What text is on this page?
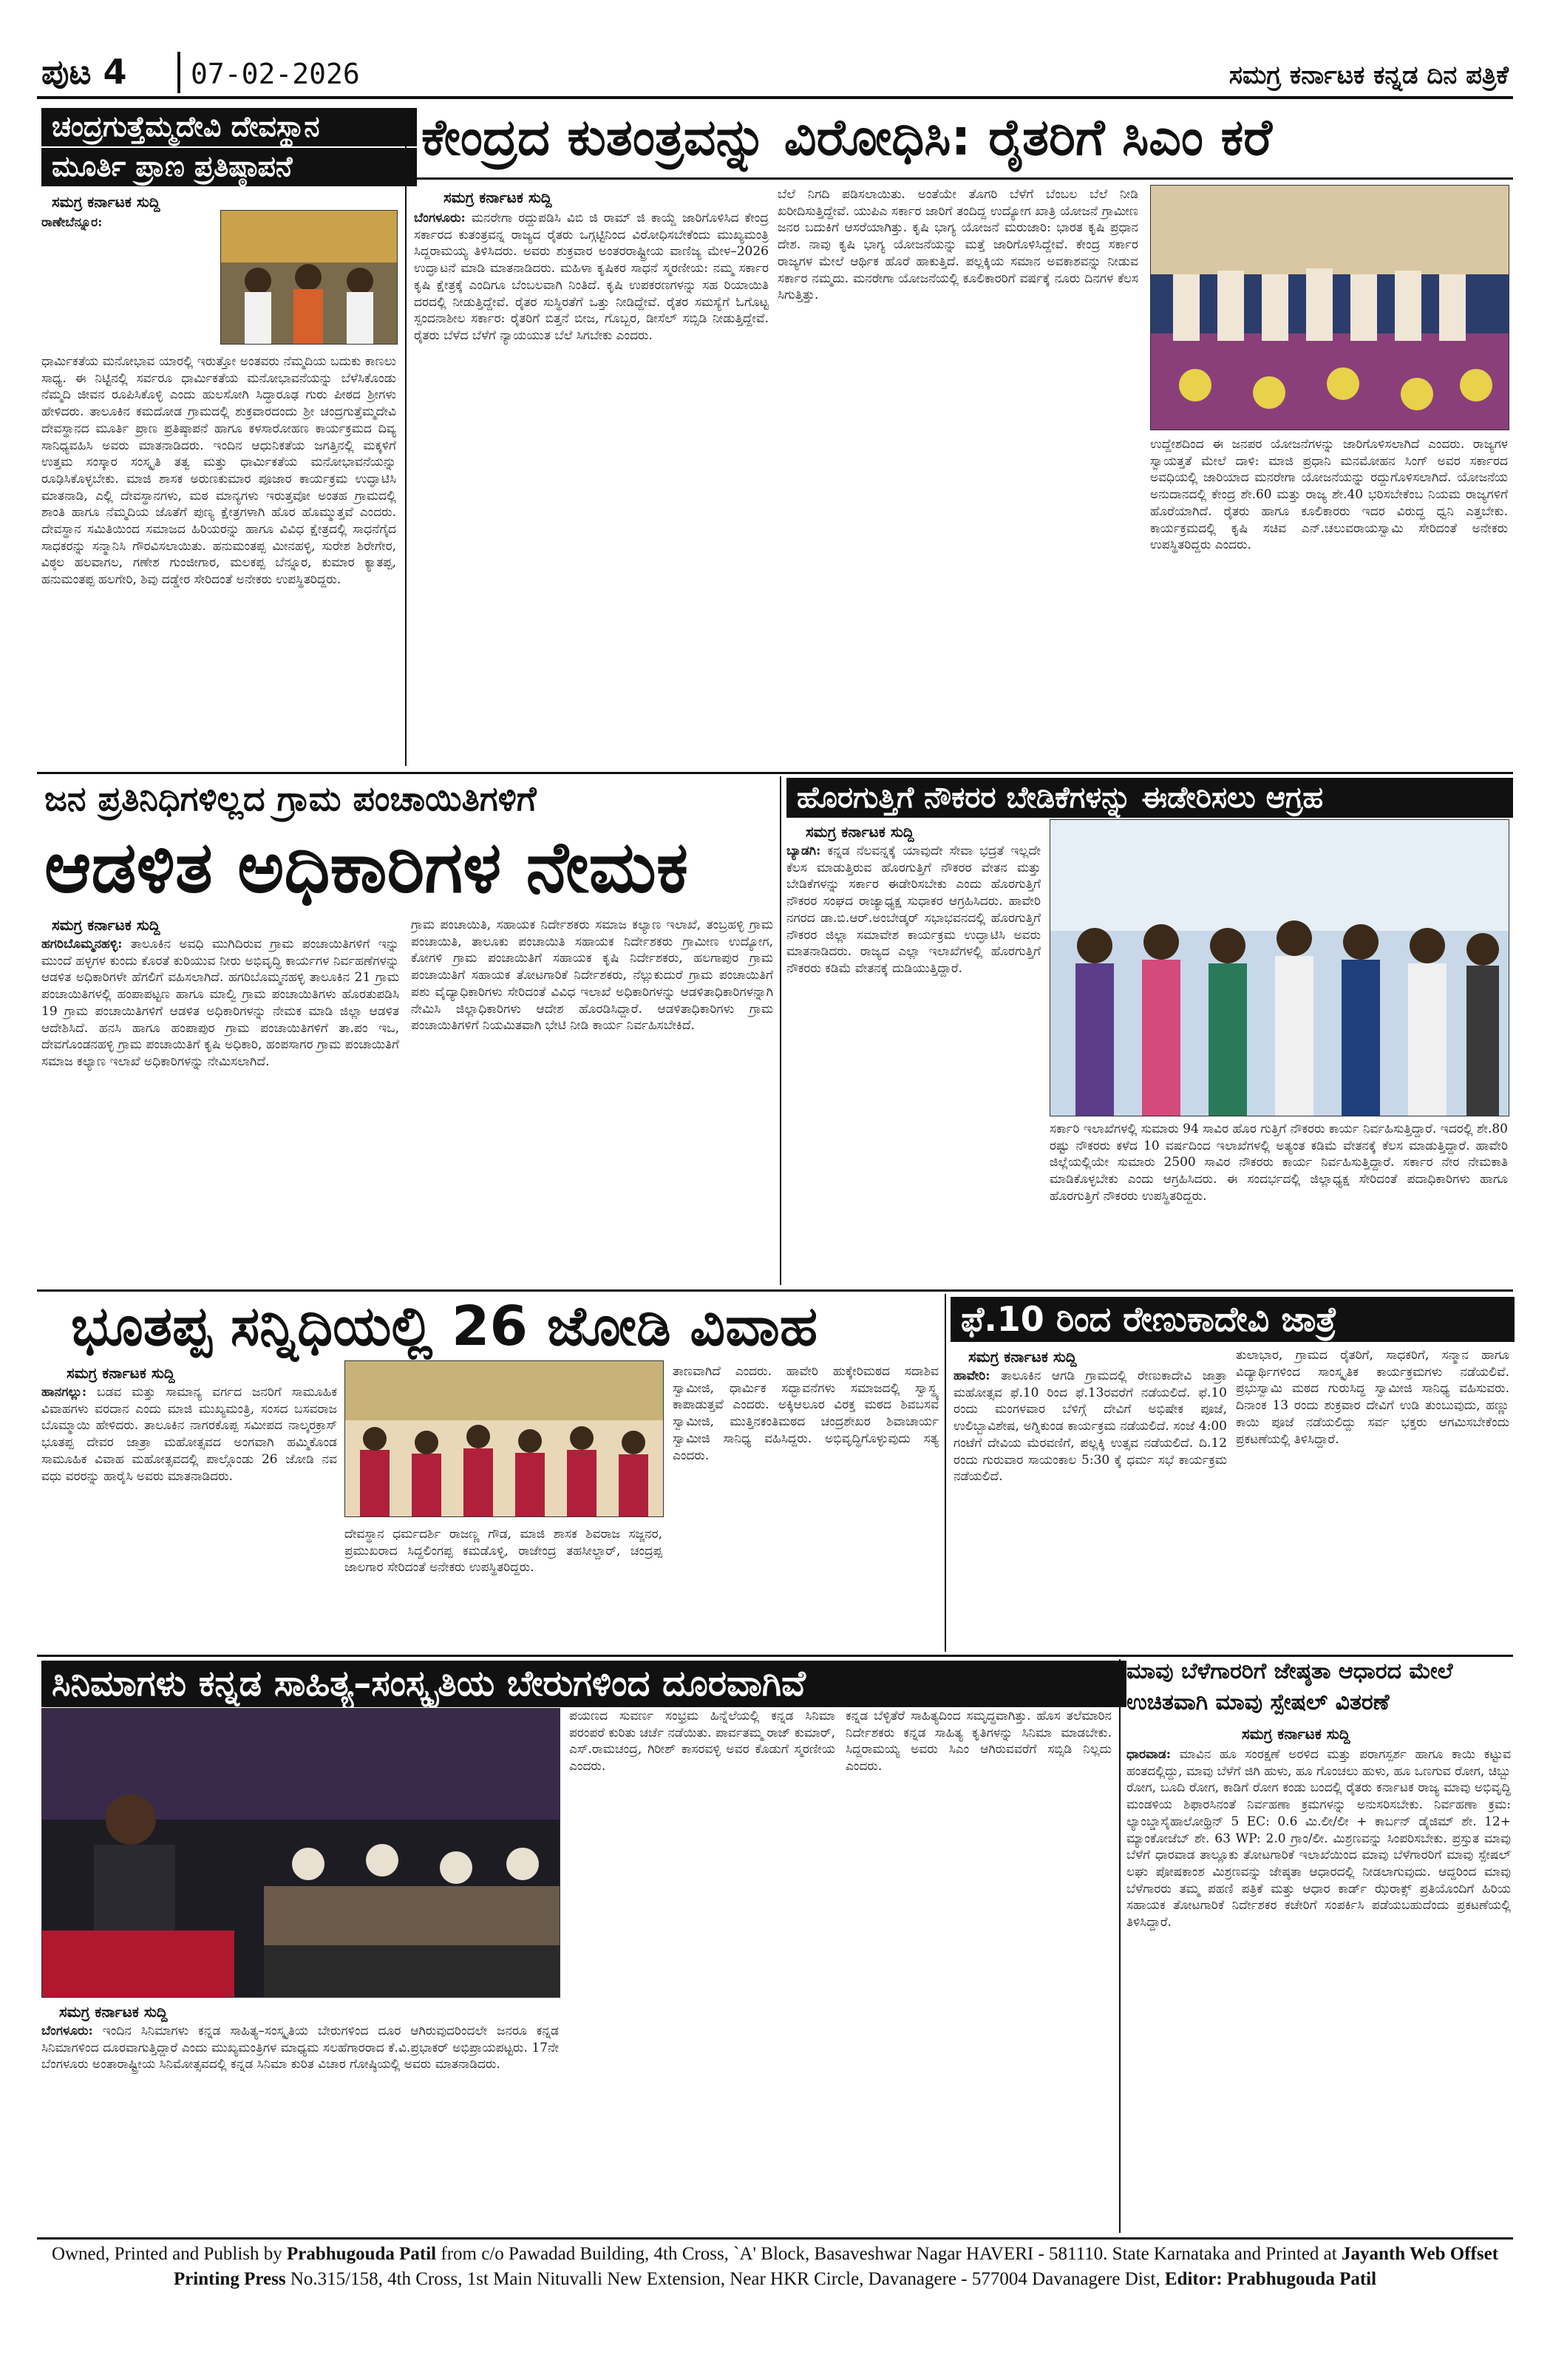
ಪುಟ 4 07-02-2026	ಸಮಗ್ರ ಕರ್ನಾಟಕ ಕನ್ನಡ ದಿನ ಪತ್ರಿಕೆ
ಚಂದ್ರಗುತ್ತೆಮ್ಮದೇವಿ ದೇವಸ್ಥಾನ
ಮೂರ್ತಿ ಪ್ರಾಣ ಪ್ರತಿಷ್ಠಾಪನೆ
ಸಮಗ್ರ ಕರ್ನಾಟಕ ಸುದ್ದಿ
ರಾಣೇಬೆನ್ನೂರ:
ಧಾರ್ಮಿಕತೆಯ ಮನೋಭಾವ ಯಾರಲ್ಲಿ ಇರುತ್ತೋ ಅಂತವರು ನೆಮ್ಮದಿಯ ಬದುಕು ಕಾಣಲು ಸಾಧ್ಯ. ಈ ನಿಟ್ಟಿನಲ್ಲಿ ಸರ್ವರೂ ಧಾರ್ಮಿಕತೆಯ ಮನೋಭಾವನೆಯನ್ನು ಬೆಳೆಸಿಕೊಂಡು ನೆಮ್ಮದಿ ಜೀವನ ರೂಪಿಸಿಕೊಳ್ಳಿ ಎಂದು ಹುಲಸೋಗಿ ಸಿದ್ಧಾರೂಢ ಗುರು ಪೀಠದ ಶ್ರೀಗಳು ಹೇಳಿದರು. ತಾಲೂಕಿನ ಕಮದೋಡ ಗ್ರಾಮದಲ್ಲಿ ಶುಕ್ರವಾರದಂದು ಶ್ರೀ ಚಂದ್ರಗುತ್ತೆಮ್ಮದೇವಿ ದೇವಸ್ಥಾನದ ಮೂರ್ತಿ ಪ್ರಾಣ ಪ್ರತಿಷ್ಠಾಪನೆ ಹಾಗೂ ಕಳಸಾರೋಹಣ ಕಾರ್ಯಕ್ರಮದ ದಿವ್ಯ ಸಾನಿಧ್ಯವಹಿಸಿ ಅವರು ಮಾತನಾಡಿದರು. ಇಂದಿನ ಆಧುನಿಕತೆಯ ಜಗತ್ತಿನಲ್ಲಿ ಮಕ್ಕಳಿಗೆ ಉತ್ತಮ ಸಂಸ್ಕಾರ ಸಂಸ್ಕೃತಿ ತತ್ವ ಮತ್ತು ಧಾರ್ಮಿಕತೆಯ ಮನೋಭಾವನೆಯನ್ನು ರೂಢಿಸಿಕೊಳ್ಳಬೇಕು. ಮಾಜಿ ಶಾಸಕ ಅರುಣಕುಮಾರ ಪೂಜಾರ ಕಾರ್ಯಕ್ರಮ ಉದ್ಘಾಟಿಸಿ ಮಾತನಾಡಿ, ಎಲ್ಲಿ ದೇವಸ್ಥಾನಗಳು, ಮಠ ಮಾನ್ಯಗಳು ಇರುತ್ತವೋ ಅಂತಹ ಗ್ರಾಮದಲ್ಲಿ ಶಾಂತಿ ಹಾಗೂ ನೆಮ್ಮದಿಯ ಜೊತೆಗೆ ಪುಣ್ಯ ಕ್ಷೇತ್ರಗಳಾಗಿ ಹೊರ ಹೊಮ್ಮುತ್ತವೆ ಎಂದರು. ದೇವಸ್ಥಾನ ಸಮಿತಿಯಿಂದ ಸಮಾಜದ ಹಿರಿಯರನ್ನು ಹಾಗೂ ವಿವಿಧ ಕ್ಷೇತ್ರದಲ್ಲಿ ಸಾಧನೆಗೈದ ಸಾಧಕರನ್ನು ಸನ್ಮಾನಿಸಿ ಗೌರವಿಸಲಾಯಿತು. ಹನುಮಂತಪ್ಪ ಮೀನಹಳ್ಳಿ, ಸುರೇಶ ಶಿರೇಗೇರ, ವಿಠ್ಠಲ ಹಲವಾಗಲ, ಗಣೇಶ ಗುಂಜೀಗಾರ, ಮಲಕಪ್ಪ ಬೆನ್ನೂರ, ಕುಮಾರ ಕ್ಯಾತಪ್ಪ, ಹನುಮಂತಪ್ಪ ಹಲಗೇರಿ, ಶಿವು ದಡ್ಡೇರ ಸೇರಿದಂತೆ ಅನೇಕರು ಉಪಸ್ಥಿತರಿದ್ದರು.
ಕೇಂದ್ರದ ಕುತಂತ್ರವನ್ನು ವಿರೋಧಿಸಿ: ರೈತರಿಗೆ ಸಿಎಂ ಕರೆ
ಸಮಗ್ರ ಕರ್ನಾಟಕ ಸುದ್ದಿ
ಬೆಂಗಳೂರು: ಮನರೇಗಾ ರದ್ದುಪಡಿಸಿ ವಿಬಿ ಜಿ ರಾಮ್ ಜಿ ಕಾಯ್ದೆ ಜಾರಿಗೊಳಿಸಿದ ಕೇಂದ್ರ ಸರ್ಕಾರದ ಕುತಂತ್ರವನ್ನ ರಾಜ್ಯದ ರೈತರು ಒಗ್ಗಟ್ಟಿನಿಂದ ವಿರೋಧಿಸಬೇಕೆಂದು ಮುಖ್ಯಮಂತ್ರಿ ಸಿದ್ದರಾಮಯ್ಯ ತಿಳಿಸಿದರು. ಅವರು ಶುಕ್ರವಾರ ಅಂತರರಾಷ್ಟ್ರೀಯ ವಾಣಿಜ್ಯ ಮೇಳ–2026 ಉದ್ಘಾಟನೆ ಮಾಡಿ ಮಾತನಾಡಿದರು. ಮಹಿಳಾ ಕೃಷಿಕರ ಸಾಧನೆ ಸ್ಮರಣೀಯ: ನಮ್ಮ ಸರ್ಕಾರ ಕೃಷಿ ಕ್ಷೇತ್ರಕ್ಕೆ ಎಂದಿಗೂ ಬೆಂಬಲವಾಗಿ ನಿಂತಿದೆ. ಕೃಷಿ ಉಪಕರಣಗಳನ್ನು ಸಹ ರಿಯಾಯಿತಿ ದರದಲ್ಲಿ ನೀಡುತ್ತಿದ್ದೇವೆ. ರೈತರ ಸುಸ್ಥಿರತೆಗೆ ಒತ್ತು ನೀಡಿದ್ದೇವೆ. ರೈತರ ಸಮಸ್ಯೆಗೆ ಓಗೊಟ್ಟ ಸ್ಪಂದನಾಶೀಲ ಸರ್ಕಾರ: ರೈತರಿಗೆ ಬಿತ್ತನೆ ಬೀಜ, ಗೊಬ್ಬರ, ಡೀಸೆಲ್ ಸಬ್ಸಿಡಿ ನೀಡುತ್ತಿದ್ದೇವೆ. ರೈತರು ಬೆಳೆದ ಬೆಳೆಗೆ ನ್ಯಾಯಯುತ ಬೆಲೆ ಸಿಗಬೇಕು ಎಂದರು.
ಬೆಲೆ ನಿಗದಿ ಪಡಿಸಲಾಯಿತು. ಅಂತೆಯೇ ತೊಗರಿ ಬೆಳೆಗೆ ಬೆಂಬಲ ಬೆಲೆ ನೀಡಿ ಖರೀದಿಸುತ್ತಿದ್ದೇವೆ. ಯುಪಿಎ ಸರ್ಕಾರ ಜಾರಿಗೆ ತಂದಿದ್ದ ಉದ್ಯೋಗ ಖಾತ್ರಿ ಯೋಜನೆ ಗ್ರಾಮೀಣ ಜನರ ಬದುಕಿಗೆ ಆಸರೆಯಾಗಿತ್ತು. ಕೃಷಿ ಭಾಗ್ಯ ಯೋಜನೆ ಮರುಜಾರಿ: ಭಾರತ ಕೃಷಿ ಪ್ರಧಾನ ದೇಶ. ನಾವು ಕೃಷಿ ಭಾಗ್ಯ ಯೋಜನೆಯನ್ನು ಮತ್ತೆ ಜಾರಿಗೊಳಿಸಿದ್ದೇವೆ. ಕೇಂದ್ರ ಸರ್ಕಾರ ರಾಜ್ಯಗಳ ಮೇಲೆ ಆರ್ಥಿಕ ಹೊರೆ ಹಾಕುತ್ತಿದೆ. ಪಲ್ಲಕ್ಕಿಯ ಸಮಾನ ಅವಕಾಶವನ್ನು ನೀಡುವ ಸರ್ಕಾರ ನಮ್ಮದು. ಮನರೇಗಾ ಯೋಜನೆಯಲ್ಲಿ ಕೂಲಿಕಾರರಿಗೆ ವರ್ಷಕ್ಕೆ ನೂರು ದಿನಗಳ ಕೆಲಸ ಸಿಗುತ್ತಿತ್ತು.
ಉದ್ದೇಶದಿಂದ ಈ ಜನಪರ ಯೋಜನೆಗಳನ್ನು ಜಾರಿಗೊಳಿಸಲಾಗಿದೆ ಎಂದರು. ರಾಜ್ಯಗಳ ಸ್ವಾಯತ್ತತೆ ಮೇಲೆ ದಾಳಿ: ಮಾಜಿ ಪ್ರಧಾನಿ ಮನಮೋಹನ ಸಿಂಗ್ ಅವರ ಸರ್ಕಾರದ ಅವಧಿಯಲ್ಲಿ ಜಾರಿಯಾದ ಮನರೇಗಾ ಯೋಜನೆಯನ್ನು ರದ್ದುಗೊಳಿಸಲಾಗಿದೆ. ಯೋಜನೆಯ ಅನುದಾನದಲ್ಲಿ ಕೇಂದ್ರ ಶೇ.60 ಮತ್ತು ರಾಜ್ಯ ಶೇ.40 ಭರಿಸಬೇಕೆಂಬ ನಿಯಮ ರಾಜ್ಯಗಳಿಗೆ ಹೊರೆಯಾಗಿದೆ. ರೈತರು ಹಾಗೂ ಕೂಲಿಕಾರರು ಇದರ ವಿರುದ್ಧ ಧ್ವನಿ ಎತ್ತಬೇಕು. ಕಾರ್ಯಕ್ರಮದಲ್ಲಿ ಕೃಷಿ ಸಚಿವ ಎನ್.ಚಲುವರಾಯಸ್ವಾಮಿ ಸೇರಿದಂತೆ ಅನೇಕರು ಉಪಸ್ಥಿತರಿದ್ದರು ಎಂದರು.
ಜನ ಪ್ರತಿನಿಧಿಗಳಿಲ್ಲದ ಗ್ರಾಮ ಪಂಚಾಯಿತಿಗಳಿಗೆ
ಆಡಳಿತ ಅಧಿಕಾರಿಗಳ ನೇಮಕ
ಸಮಗ್ರ ಕರ್ನಾಟಕ ಸುದ್ದಿ
ಹಗರಿಬೊಮ್ಮನಹಳ್ಳಿ: ತಾಲೂಕಿನ ಅವಧಿ ಮುಗಿದಿರುವ ಗ್ರಾಮ ಪಂಚಾಯಿತಿಗಳಿಗೆ ಇನ್ನು ಮುಂದೆ ಹಳ್ಳಗಳ ಕುಂದು ಕೊರತೆ ಕುರಿಯುವ ನೀರು ಅಭಿವೃದ್ಧಿ ಕಾರ್ಯಗಳ ನಿರ್ವಹಣೆಗಳನ್ನು ಆಡಳಿತ ಅಧಿಕಾರಿಗಳೇ ಹೆಗಲಿಗೆ ವಹಿಸಲಾಗಿದೆ. ಹಗರಿಬೊಮ್ಮನಹಳ್ಳಿ ತಾಲೂಕಿನ 21 ಗ್ರಾಮ ಪಂಚಾಯಿತಿಗಳಲ್ಲಿ ಹಂಪಾಪಟ್ಟಣ ಹಾಗೂ ಮಾಲ್ವಿ ಗ್ರಾಮ ಪಂಚಾಯಿತಿಗಳು ಹೊರತುಪಡಿಸಿ 19 ಗ್ರಾಮ ಪಂಚಾಯಿತಿಗಳಿಗೆ ಆಡಳಿತ ಅಧಿಕಾರಿಗಳನ್ನು ನೇಮಕ ಮಾಡಿ ಜಿಲ್ಲಾ ಆಡಳಿತ ಆದೇಶಿಸಿದೆ. ಹನಸಿ ಹಾಗೂ ಹಂಪಾಪುರ ಗ್ರಾಮ ಪಂಚಾಯಿತಿಗಳಿಗೆ ತಾ.ಪಂ ಇಒ, ದೇವಗೊಂಡನಹಳ್ಳಿ ಗ್ರಾಮ ಪಂಚಾಯಿತಿಗೆ ಕೃಷಿ ಅಧಿಕಾರಿ, ಹಂಪಸಾಗರ ಗ್ರಾಮ ಪಂಚಾಯಿತಿಗೆ ಸಮಾಜ ಕಲ್ಯಾಣ ಇಲಾಖೆ ಅಧಿಕಾರಿಗಳನ್ನು ನೇಮಿಸಲಾಗಿದೆ.
ಗ್ರಾಮ ಪಂಚಾಯಿತಿ, ಸಹಾಯಕ ನಿರ್ದೇಶಕರು ಸಮಾಜ ಕಲ್ಯಾಣ ಇಲಾಖೆ, ತಂಬ್ರಹಳ್ಳಿ ಗ್ರಾಮ ಪಂಚಾಯಿತಿ, ತಾಲೂಕು ಪಂಚಾಯಿತಿ ಸಹಾಯಕ ನಿರ್ದೇಶಕರು ಗ್ರಾಮೀಣ ಉದ್ಯೋಗ, ಕೋಗಳಿ ಗ್ರಾಮ ಪಂಚಾಯಿತಿಗೆ ಸಹಾಯಕ ಕೃಷಿ ನಿರ್ದೇಶಕರು, ಹಲಗಾಪುರ ಗ್ರಾಮ ಪಂಚಾಯಿತಿಗೆ ಸಹಾಯಕ ತೋಟಗಾರಿಕೆ ನಿರ್ದೇಶಕರು, ನೆಲ್ಲುಕುದುರೆ ಗ್ರಾಮ ಪಂಚಾಯಿತಿಗೆ ಪಶು ವೈದ್ಯಾಧಿಕಾರಿಗಳು ಸೇರಿದಂತೆ ವಿವಿಧ ಇಲಾಖೆ ಅಧಿಕಾರಿಗಳನ್ನು ಆಡಳಿತಾಧಿಕಾರಿಗಳನ್ನಾಗಿ ನೇಮಿಸಿ ಜಿಲ್ಲಾಧಿಕಾರಿಗಳು ಆದೇಶ ಹೊರಡಿಸಿದ್ದಾರೆ. ಆಡಳಿತಾಧಿಕಾರಿಗಳು ಗ್ರಾಮ ಪಂಚಾಯಿತಿಗಳಿಗೆ ನಿಯಮಿತವಾಗಿ ಭೇಟಿ ನೀಡಿ ಕಾರ್ಯ ನಿರ್ವಹಿಸಬೇಕಿದೆ.
ಹೊರಗುತ್ತಿಗೆ ನೌಕರರ ಬೇಡಿಕೆಗಳನ್ನು ಈಡೇರಿಸಲು ಆಗ್ರಹ
ಸಮಗ್ರ ಕರ್ನಾಟಕ ಸುದ್ದಿ
ಬ್ಯಾಡಗಿ: ಕನ್ನಡ ನೆಲವನ್ನಕ್ಕೆ ಯಾವುದೇ ಸೇವಾ ಭದ್ರತೆ ಇಲ್ಲದೇ ಕೆಲಸ ಮಾಡುತ್ತಿರುವ ಹೊರಗುತ್ತಿಗೆ ನೌಕರರ ವೇತನ ಮತ್ತು ಬೇಡಿಕೆಗಳನ್ನು ಸರ್ಕಾರ ಈಡೇರಿಸಬೇಕು ಎಂದು ಹೊರಗುತ್ತಿಗೆ ನೌಕರರ ಸಂಘದ ರಾಜ್ಯಾಧ್ಯಕ್ಷ ಸುಧಾಕರ ಆಗ್ರಹಿಸಿದರು. ಹಾವೇರಿ ನಗರದ ಡಾ.ಬಿ.ಆರ್.ಅಂಬೇಡ್ಕರ್ ಸಭಾಭವನದಲ್ಲಿ ಹೊರಗುತ್ತಿಗೆ ನೌಕರರ ಜಿಲ್ಲಾ ಸಮಾವೇಶ ಕಾರ್ಯಕ್ರಮ ಉದ್ಘಾಟಿಸಿ ಅವರು ಮಾತನಾಡಿದರು. ರಾಜ್ಯದ ಎಲ್ಲಾ ಇಲಾಖೆಗಳಲ್ಲಿ ಹೊರಗುತ್ತಿಗೆ ನೌಕರರು ಕಡಿಮೆ ವೇತನಕ್ಕೆ ದುಡಿಯುತ್ತಿದ್ದಾರೆ.
ಸರ್ಕಾರಿ ಇಲಾಖೆಗಳಲ್ಲಿ ಸುಮಾರು 94 ಸಾವಿರ ಹೊರ ಗುತ್ತಿಗೆ ನೌಕರರು ಕಾರ್ಯ ನಿರ್ವಹಿಸುತ್ತಿದ್ದಾರೆ. ಇದರಲ್ಲಿ ಶೇ.80 ರಷ್ಟು ನೌಕರರು ಕಳೆದ 10 ವರ್ಷದಿಂದ ಇಲಾಖೆಗಳಲ್ಲಿ ಅತ್ಯಂತ ಕಡಿಮೆ ವೇತನಕ್ಕೆ ಕೆಲಸ ಮಾಡುತ್ತಿದ್ದಾರೆ. ಹಾವೇರಿ ಜಿಲ್ಲೆಯಲ್ಲಿಯೇ ಸುಮಾರು 2500 ಸಾವಿರ ನೌಕರರು ಕಾರ್ಯ ನಿರ್ವಹಿಸುತ್ತಿದ್ದಾರೆ. ಸರ್ಕಾರ ನೇರ ನೇಮಕಾತಿ ಮಾಡಿಕೊಳ್ಳಬೇಕು ಎಂದು ಆಗ್ರಹಿಸಿದರು. ಈ ಸಂದರ್ಭದಲ್ಲಿ ಜಿಲ್ಲಾಧ್ಯಕ್ಷ ಸೇರಿದಂತೆ ಪದಾಧಿಕಾರಿಗಳು ಹಾಗೂ ಹೊರಗುತ್ತಿಗೆ ನೌಕರರು ಉಪಸ್ಥಿತರಿದ್ದರು.
ಭೂತಪ್ಪ ಸನ್ನಿಧಿಯಲ್ಲಿ 26 ಜೋಡಿ ವಿವಾಹ
ಸಮಗ್ರ ಕರ್ನಾಟಕ ಸುದ್ದಿ
ಹಾನಗಲ್ಲು: ಬಡವ ಮತ್ತು ಸಾಮಾನ್ಯ ವರ್ಗದ ಜನರಿಗೆ ಸಾಮೂಹಿಕ ವಿವಾಹಗಳು ವರದಾನ ಎಂದು ಮಾಜಿ ಮುಖ್ಯಮಂತ್ರಿ, ಸಂಸದ ಬಸವರಾಜ ಬೊಮ್ಮಾಯಿ ಹೇಳಿದರು. ತಾಲೂಕಿನ ನಾಗರಕೊಪ್ಪ ಸಮೀಪದ ನಾಲ್ಕರಕ್ರಾಸ್ ಭೂತಪ್ಪ ದೇವರ ಜಾತ್ರಾ ಮಹೋತ್ಸವದ ಅಂಗವಾಗಿ ಹಮ್ಮಿಕೊಂಡ ಸಾಮೂಹಿಕ ವಿವಾಹ ಮಹೋತ್ಸವದಲ್ಲಿ ಪಾಲ್ಗೊಂಡು 26 ಜೋಡಿ ನವ ವಧು ವರರನ್ನು ಹಾರೈಸಿ ಅವರು ಮಾತನಾಡಿದರು.
ತಾಣವಾಗಿದೆ ಎಂದರು. ಹಾವೇರಿ ಹುಕ್ಕೇರಿಮಠದ ಸದಾಶಿವ ಸ್ವಾಮೀಜಿ, ಧಾರ್ಮಿಕ ಸದ್ಭಾವನೆಗಳು ಸಮಾಜದಲ್ಲಿ ಸ್ವಾಸ್ಥ್ಯ ಕಾಪಾಡುತ್ತವೆ ಎಂದರು. ಅಕ್ಕಿಆಲೂರ ವಿರಕ್ತ ಮಠದ ಶಿವಬಸವ ಸ್ವಾಮೀಜಿ, ಮುತ್ತಿನಕಂತಿಮಠದ ಚಂದ್ರಶೇಖರ ಶಿವಾಚಾರ್ಯ ಸ್ವಾಮೀಜಿ ಸಾನಿಧ್ಯ ವಹಿಸಿದ್ದರು. ಅಭಿವೃದ್ಧಿಗೊಳ್ಳುವುದು ಸತ್ಯ ಎಂದರು.
ದೇವಸ್ಥಾನ ಧರ್ಮದರ್ಶಿ ರಾಜಣ್ಣ ಗೌಡ, ಮಾಜಿ ಶಾಸಕ ಶಿವರಾಜ ಸಜ್ಜನರ, ಪ್ರಮುಖರಾದ ಸಿದ್ದಲಿಂಗಪ್ಪ ಕಮಡೊಳ್ಳಿ, ರಾಜೇಂದ್ರ ತಹಸೀಲ್ದಾರ್, ಚಂದ್ರಪ್ಪ ಜಾಲಗಾರ ಸೇರಿದಂತೆ ಅನೇಕರು ಉಪಸ್ಥಿತರಿದ್ದರು.
ಫೆ.10 ರಿಂದ ರೇಣುಕಾದೇವಿ ಜಾತ್ರೆ
ಸಮಗ್ರ ಕರ್ನಾಟಕ ಸುದ್ದಿ
ಹಾವೇರಿ: ತಾಲೂಕಿನ ಆಗಡಿ ಗ್ರಾಮದಲ್ಲಿ ರೇಣುಕಾದೇವಿ ಜಾತ್ರಾ ಮಹೋತ್ಸವ ಫೆ.10 ರಿಂದ ಫೆ.13ರವರೆಗೆ ನಡೆಯಲಿದೆ. ಫೆ.10 ರಂದು ಮಂಗಳವಾರ ಬೆಳಿಗ್ಗೆ ದೇವಿಗೆ ಅಭಿಷೇಕ ಪೂಜೆ, ಉಲಿಬ್ಬಾವಿಶೇಷ, ಅಗ್ನಿಕುಂಡ ಕಾರ್ಯಕ್ರಮ ನಡೆಯಲಿದೆ. ಸಂಜೆ 4:00 ಗಂಟೆಗೆ ದೇವಿಯ ಮೆರವಣಿಗೆ, ಪಲ್ಲಕ್ಕಿ ಉತ್ಸವ ನಡೆಯಲಿದೆ. ದಿ.12 ರಂದು ಗುರುವಾರ ಸಾಯಂಕಾಲ 5:30 ಕ್ಕೆ ಧರ್ಮ ಸಭೆ ಕಾರ್ಯಕ್ರಮ ನಡೆಯಲಿದೆ.
ತುಲಾಭಾರ, ಗ್ರಾಮದ ರೈತರಿಗೆ, ಸಾಧಕರಿಗೆ, ಸನ್ಮಾನ ಹಾಗೂ ವಿದ್ಯಾರ್ಥಿಗಳಿಂದ ಸಾಂಸ್ಕೃತಿಕ ಕಾರ್ಯಕ್ರಮಗಳು ನಡೆಯಲಿವೆ. ಪ್ರಭುಸ್ವಾಮಿ ಮಠದ ಗುರುಸಿದ್ಧ ಸ್ವಾಮೀಜಿ ಸಾನಿಧ್ಯ ವಹಿಸುವರು. ದಿನಾಂಕ 13 ರಂದು ಶುಕ್ರವಾರ ದೇವಿಗೆ ಉಡಿ ತುಂಬುವುದು, ಹಣ್ಣು ಕಾಯಿ ಪೂಜೆ ನಡೆಯಲಿದ್ದು ಸರ್ವ ಭಕ್ತರು ಆಗಮಿಸಬೇಕೆಂದು ಪ್ರಕಟಣೆಯಲ್ಲಿ ತಿಳಿಸಿದ್ದಾರೆ.
ಸಿನಿಮಾಗಳು ಕನ್ನಡ ಸಾಹಿತ್ಯ–ಸಂಸ್ಕೃತಿಯ ಬೇರುಗಳಿಂದ ದೂರವಾಗಿವೆ
ಸಮಗ್ರ ಕರ್ನಾಟಕ ಸುದ್ದಿ
ಬೆಂಗಳೂರು: ಇಂದಿನ ಸಿನಿಮಾಗಳು ಕನ್ನಡ ಸಾಹಿತ್ಯ–ಸಂಸ್ಕೃತಿಯ ಬೇರುಗಳಿಂದ ದೂರ ಆಗಿರುವುದರಿಂದಲೇ ಜನರೂ ಕನ್ನಡ ಸಿನಿಮಾಗಳಿಂದ ದೂರವಾಗುತ್ತಿದ್ದಾರೆ ಎಂದು ಮುಖ್ಯಮಂತ್ರಿಗಳ ಮಾಧ್ಯಮ ಸಲಹೆಗಾರರಾದ ಕೆ.ವಿ.ಪ್ರಭಾಕರ್ ಅಭಿಪ್ರಾಯಪಟ್ಟರು. 17ನೇ ಬೆಂಗಳೂರು ಅಂತಾರಾಷ್ಟ್ರೀಯ ಸಿನಿಮೋತ್ಸವದಲ್ಲಿ ಕನ್ನಡ ಸಿನಿಮಾ ಕುರಿತ ವಿಚಾರ ಗೋಷ್ಠಿಯಲ್ಲಿ ಅವರು ಮಾತನಾಡಿದರು.
ಪಯಣದ ಸುವರ್ಣ ಸಂಭ್ರಮ ಹಿನ್ನೆಲೆಯಲ್ಲಿ ಕನ್ನಡ ಸಿನಿಮಾ ಪರಂಪರೆ ಕುರಿತು ಚರ್ಚೆ ನಡೆಯಿತು. ಪಾರ್ವತಮ್ಮ ರಾಜ್ ಕುಮಾರ್, ಎಸ್.ರಾಮಚಂದ್ರ, ಗಿರೀಶ್ ಕಾಸರವಳ್ಳಿ ಅವರ ಕೊಡುಗೆ ಸ್ಮರಣೀಯ ಎಂದರು.
ಕನ್ನಡ ಬೆಳ್ಳಿತೆರೆ ಸಾಹಿತ್ಯದಿಂದ ಸಮೃದ್ಧವಾಗಿತ್ತು. ಹೊಸ ತಲೆಮಾರಿನ ನಿರ್ದೇಶಕರು ಕನ್ನಡ ಸಾಹಿತ್ಯ ಕೃತಿಗಳನ್ನು ಸಿನಿಮಾ ಮಾಡಬೇಕು. ಸಿದ್ದರಾಮಯ್ಯ ಅವರು ಸಿಎಂ ಆಗಿರುವವರೆಗೆ ಸಬ್ಸಿಡಿ ನಿಲ್ಲದು ಎಂದರು.
ಮಾವು ಬೆಳೆಗಾರರಿಗೆ ಜೇಷ್ಠತಾ ಆಧಾರದ ಮೇಲೆ
ಉಚಿತವಾಗಿ ಮಾವು ಸ್ಪೇಷಲ್ ವಿತರಣೆ
ಸಮಗ್ರ ಕರ್ನಾಟಕ ಸುದ್ದಿ
ಧಾರವಾಡ: ಮಾವಿನ ಹೂ ಸಂರಕ್ಷಣೆ ಅರಳಿದ ಮತ್ತು ಪರಾಗಸ್ಪರ್ಶ ಹಾಗೂ ಕಾಯಿ ಕಟ್ಟುವ ಹಂತದಲ್ಲಿದ್ದು, ಮಾವು ಬೆಳೆಗೆ ಜಿಗಿ ಹುಳು, ಹೂ ಗೊಂಚಲು ಹುಳು, ಹೂ ಒಣಗುವ ರೋಗ, ಚಿಬ್ಬು ರೋಗ, ಬೂದಿ ರೋಗ, ಕಾಡಿಗೆ ರೋಗ ಕಂಡು ಬಂದಲ್ಲಿ ರೈತರು ಕರ್ನಾಟಕ ರಾಜ್ಯ ಮಾವು ಅಭಿವೃದ್ಧಿ ಮಂಡಳಿಯ ಶಿಫಾರಸಿನಂತೆ ನಿರ್ವಹಣಾ ಕ್ರಮಗಳನ್ನು ಅನುಸರಿಸಬೇಕು. ನಿರ್ವಹಣಾ ಕ್ರಮ: ಲ್ಯಾಂಬ್ಡಾಸೈಹಾಲೋಥ್ರಿನ್ 5 EC: 0.6 ಮಿ.ಲೀ/ಲೀ + ಕಾರ್ಬನ್ ಡೈಜಿಮ್ ಶೇ. 12+ ಮ್ಯಾಂಕೋಜೆಬ್ ಶೇ. 63 WP: 2.0 ಗ್ರಾಂ/ಲೀ. ಮಿಶ್ರಣವನ್ನು ಸಿಂಪರಿಸಬೇಕು. ಪ್ರಸ್ತುತ ಮಾವು ಬೆಳೆಗೆ ಧಾರವಾಡ ತಾಲ್ಲೂಕು ತೋಟಗಾರಿಕೆ ಇಲಾಖೆಯಿಂದ ಮಾವು ಬೆಳೆಗಾರರಿಗೆ ಮಾವು ಸ್ಪೇಷಲ್ ಲಘು ಪೋಷಕಾಂಶ ಮಿಶ್ರಣವನ್ನು ಜೇಷ್ಠತಾ ಆಧಾರದಲ್ಲಿ ನೀಡಲಾಗುವುದು. ಆದ್ದರಿಂದ ಮಾವು ಬೆಳೆಗಾರರು ತಮ್ಮ ಪಹಣಿ ಪತ್ರಿಕೆ ಮತ್ತು ಆಧಾರ ಕಾರ್ಡ್ ಝೆರಾಕ್ಸ್ ಪ್ರತಿಯೊಂದಿಗೆ ಹಿರಿಯ ಸಹಾಯಕ ತೋಟಗಾರಿಕೆ ನಿರ್ದೇಶಕರ ಕಚೇರಿಗೆ ಸಂಪರ್ಕಿಸಿ ಪಡೆಯಬಹುದೆಂದು ಪ್ರಕಟಣೆಯಲ್ಲಿ ತಿಳಿಸಿದ್ದಾರೆ.
Owned, Printed and Publish by Prabhugouda Patil from c/o Pawadad Building, 4th Cross, `A' Block, Basaveshwar Nagar HAVERI - 581110. State Karnataka and Printed at Jayanth Web Offset Printing Press No.315/158, 4th Cross, 1st Main Nituvalli New Extension, Near HKR Circle, Davanagere - 577004 Davanagere Dist, Editor: Prabhugouda Patil
